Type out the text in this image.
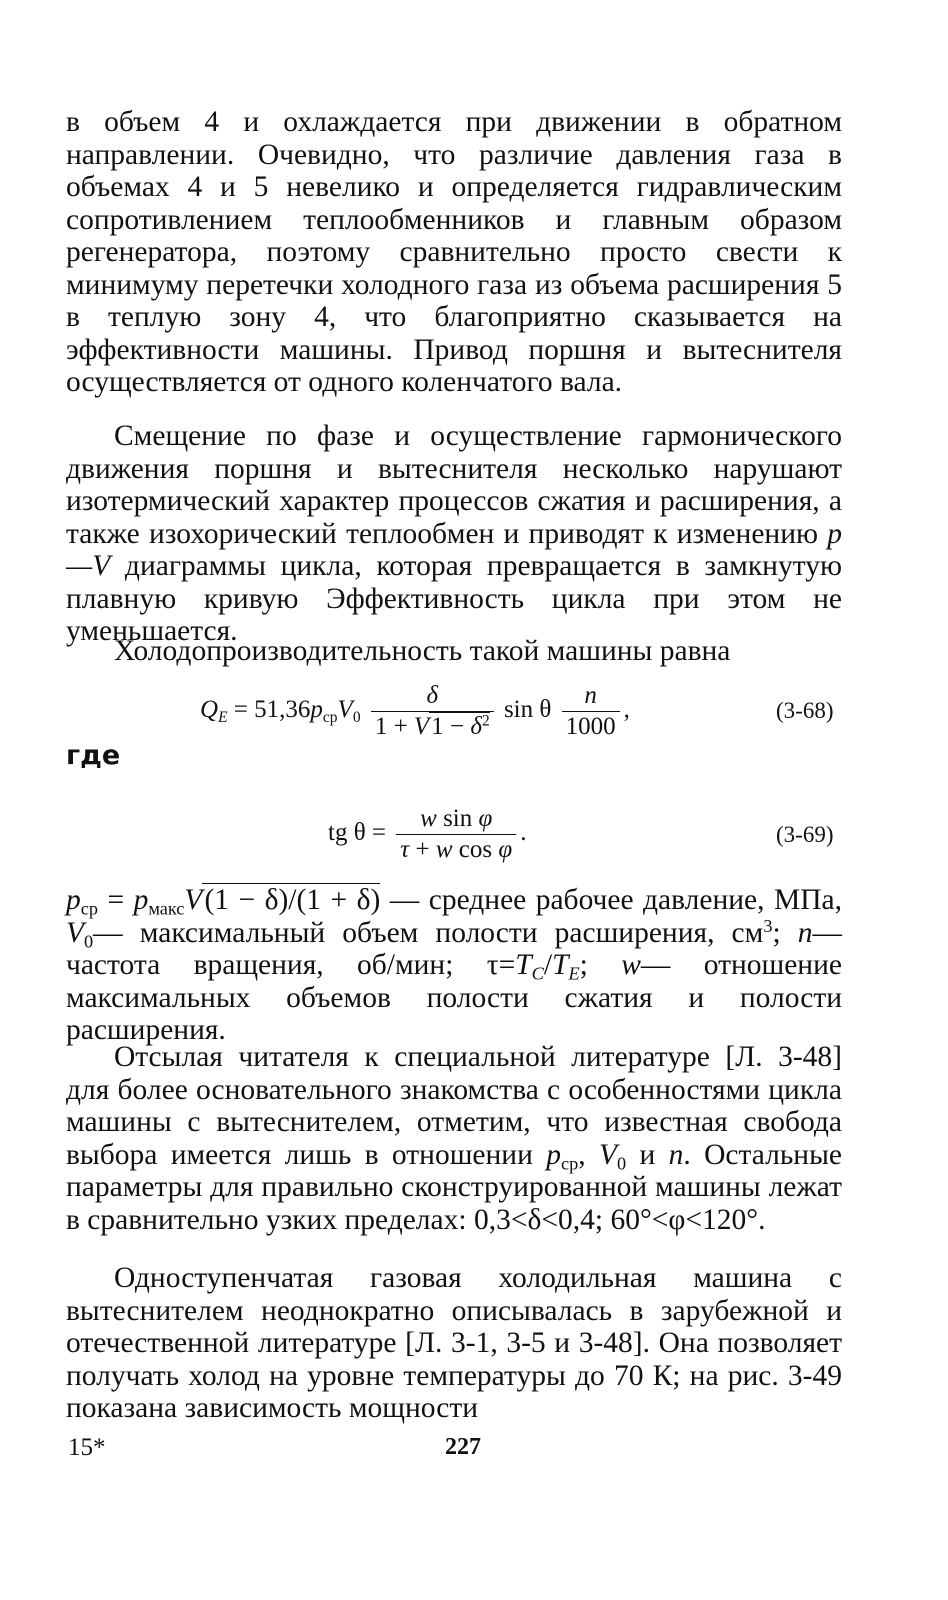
в объем 4 и охлаждается при движении в обратном направлении. Очевидно, что различие давления газа в объемах 4 и 5 невелико и определяется гидравлическим сопротивлением теплообменников и главным образом регенератора, поэтому сравнительно просто свести к минимуму перетечки холодного газа из объема расширения 5 в теплую зону 4, что благоприятно сказывается на эффективности машины. Привод поршня и вытеснителя осуществляется от одного коленчатого вала.

Смещение по фазе и осуществление гармонического движения поршня и вытеснителя несколько нарушают изотермический характер процессов сжатия и расширения, а также изохорический теплообмен и приводят к изменению p—V диаграммы цикла, которая превращается в замкнутую плавную кривую Эффективность цикла при этом не уменьшается.

Холодопроизводительность такой машины равна

$Q_E = 51,36p_{ср}V_0 \frac{\delta}{1 + V1 - \delta^2}$ sin θ $\frac{n}{1000}$ ,	(3-68)
где
tg $\theta = \frac{\text{w sin φ}}{\text{τ + w cos φ}}$ .	(3-69)

$p_{ср} = p_{макс}V(1 - \delta)/(1 + \delta)$ — среднее рабочее давление, МПа, $V_0—$ максимальный объем полости расширения, $см^3$; n— частота вращения, об/мин; $\tau=T_C/T_E$; w— отношение максимальных объемов полости сжатия и полости расширения.

Отсылая читателя к специальной литературе [Л. 3-48] для более основательного знакомства с особенностями цикла машины с вытеснителем, отметим, что известная свобода выбора имеется лишь в отношении $p_{ср}$, $V_0$ и n. Остальные параметры для правильно сконструированной машины лежат в сравнительно узких пределах: 0,3<δ<0,4; 60°<φ<120°.

Одноступенчатая газовая холодильная машина с вытеснителем неоднократно описывалась в зарубежной и отечественной литературе [Л. 3-1, 3-5 и 3-48]. Она позволяет получать холод на уровне температуры до 70 К; на рис. 3-49 показана зависимость мощности

15*	227
